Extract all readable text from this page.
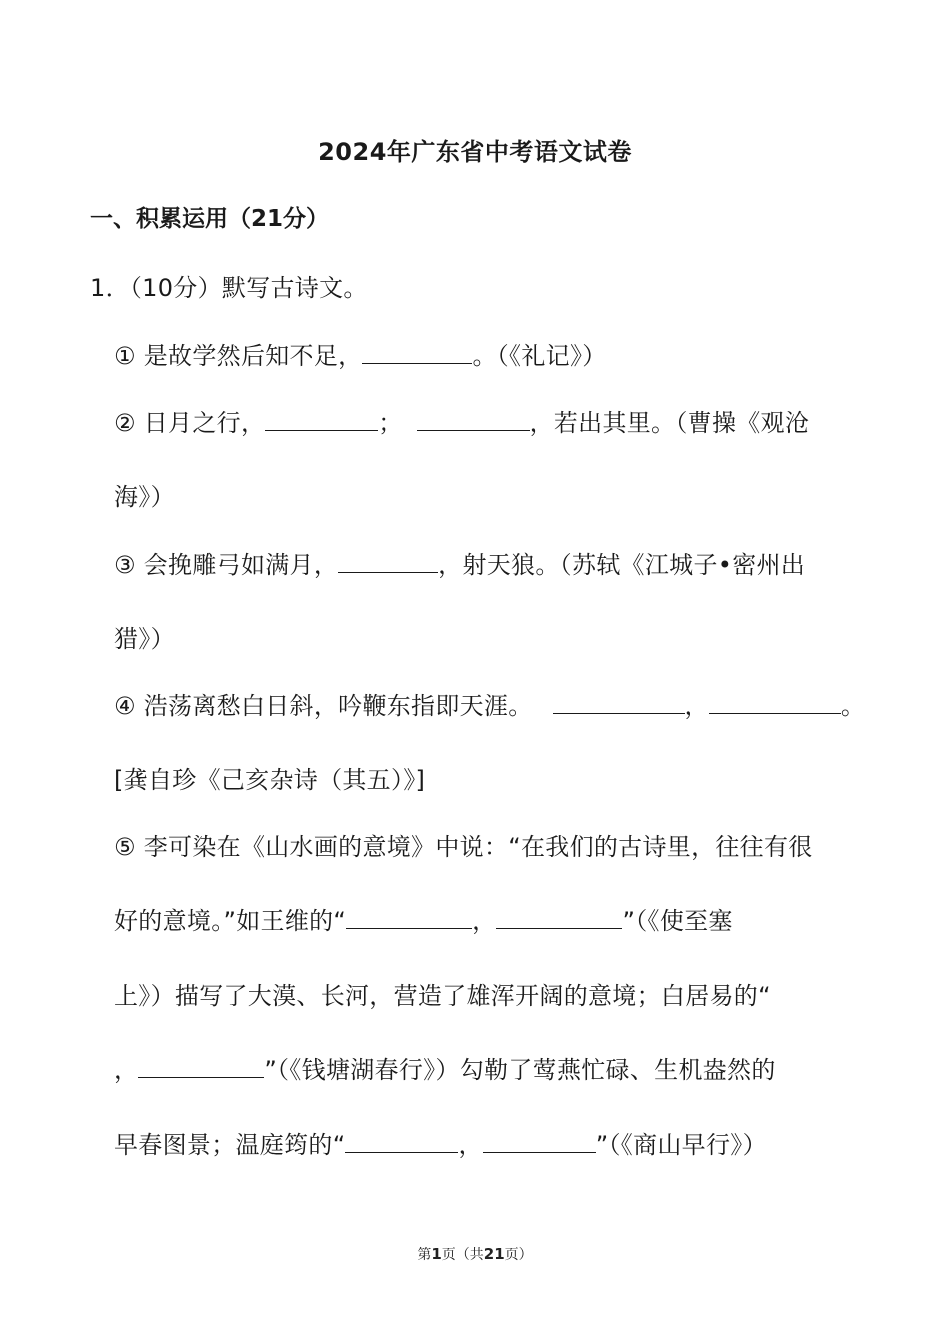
2024年广东省中考语文试卷
一、积累运用（21分）
1．（10分）默写古诗文。
① 是故学然后知不足，	。（《礼记》）
② 日月之行，	；	，若出其里。（曹操《观沧
海》）
③ 会挽雕弓如满月，	，射天狼。（苏轼《江城子•密州出
猎》）
④ 浩荡离愁白日斜，吟鞭东指即天涯。	，	。
[龚自珍《己亥杂诗（其五）》]
⑤ 李可染在《山水画的意境》中说：“在我们的古诗里，往往有很
好的意境。”如王维的“	，	”（《使至塞
上》）描写了大漠、长河，营造了雄浑开阔的意境；白居易的“
，	”（《钱塘湖春行》）勾勒了莺燕忙碌、生机盎然的
早春图景；温庭筠的“	，	”（《商山早行》）
第1页（共21页）
